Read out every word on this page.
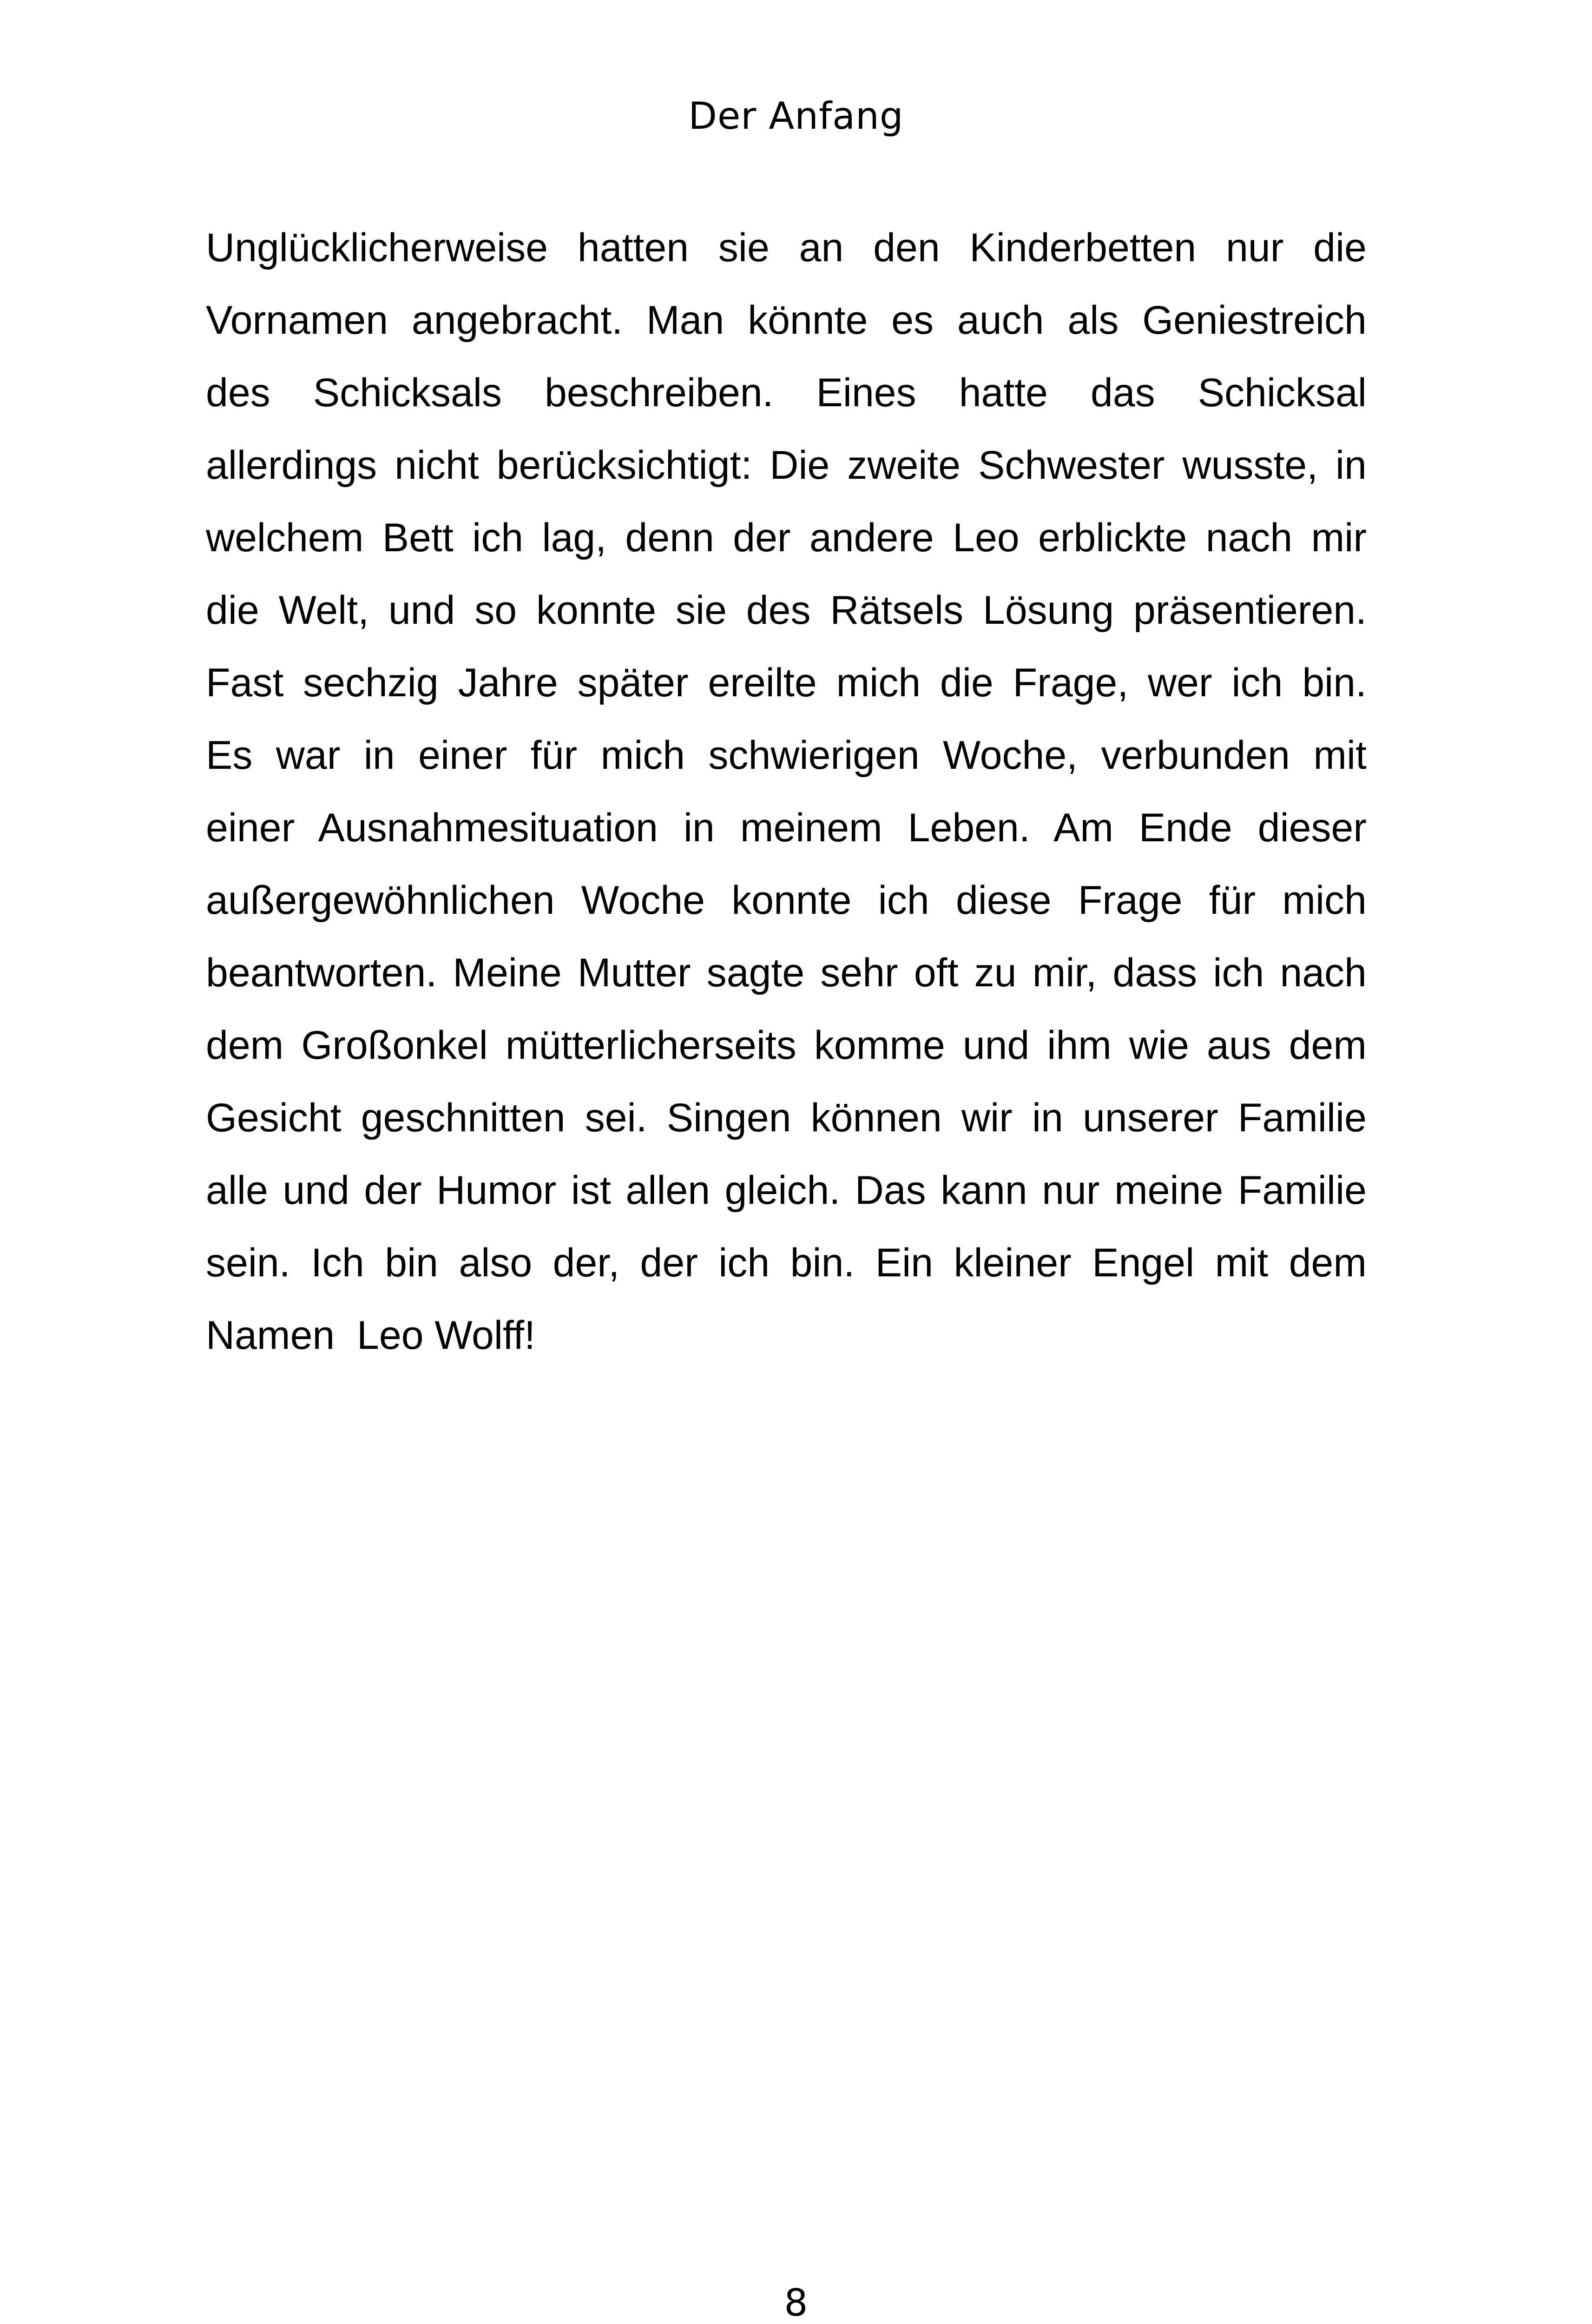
Der Anfang
Unglücklicherweise hatten sie an den Kinderbetten nur die
Vornamen angebracht. Man könnte es auch als Geniestreich
des Schicksals beschreiben. Eines hatte das Schicksal
allerdings nicht berücksichtigt: Die zweite Schwester wusste, in
welchem Bett ich lag, denn der andere Leo erblickte nach mir
die Welt, und so konnte sie des Rätsels Lösung präsentieren.
Fast sechzig Jahre später ereilte mich die Frage, wer ich bin.
Es war in einer für mich schwierigen Woche, verbunden mit
einer Ausnahmesituation in meinem Leben. Am Ende dieser
außergewöhnlichen Woche konnte ich diese Frage für mich
beantworten. Meine Mutter sagte sehr oft zu mir, dass ich nach
dem Großonkel mütterlicherseits komme und ihm wie aus dem
Gesicht geschnitten sei. Singen können wir in unserer Familie
alle und der Humor ist allen gleich. Das kann nur meine Familie
sein. Ich bin also der, der ich bin. Ein kleiner Engel mit dem
Namen  Leo Wolff!
8
